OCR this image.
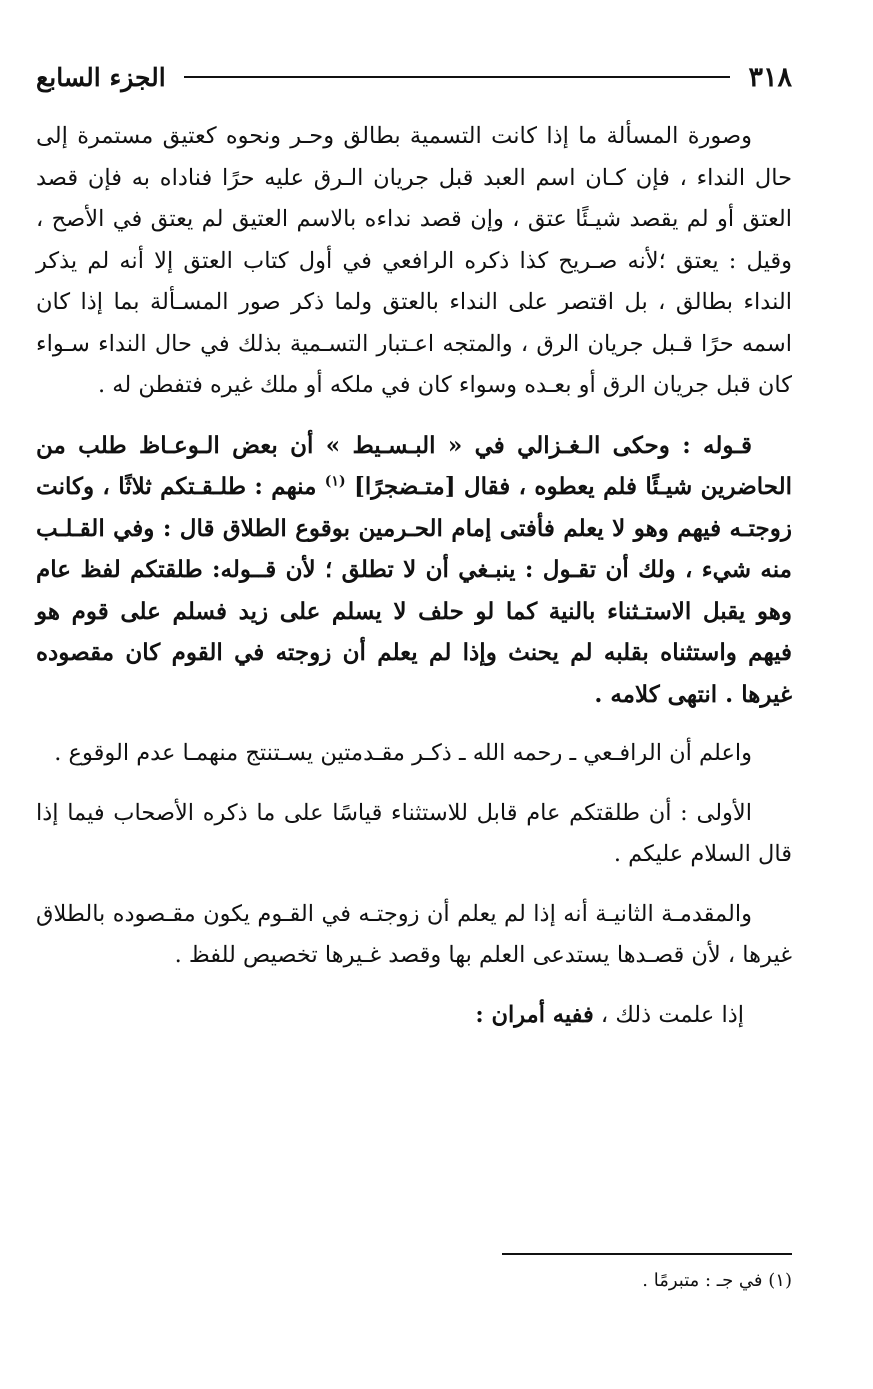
٣١٨
الجزء السابع

وصورة المسألة ما إذا كانت التسمية بطالق وحـر ونحوه كعتيق مستمرة إلى حال النداء ، فإن كـان اسم العبد قبل جريان الـرق عليه حرًا فناداه به فإن قصد العتق أو لم يقصد شيـئًا عتق ، وإن قصد نداءه بالاسم العتيق لم يعتق في الأصح ، وقيل : يعتق ؛لأنه صـريح كذا ذكره الرافعي في أول كتاب العتق إلا أنه لم يذكر النداء بطالق ، بل اقتصر على النداء بالعتق ولما ذكر صور المسـألة بما إذا كان اسمه حرًا قـبل جريان الرق ، والمتجه اعـتبار التسـمية بذلك في حال النداء سـواء كان قبل جريان الرق أو بعـده وسواء كان في ملكه أو ملك غيره فتفطن له .

قـوله : وحكى الـغـزالي في « البـسـيط » أن بعض الـوعـاظ طلب من الحاضرين شيـئًا فلم يعطوه ، فقال [متـضجرًا] $^{(١)}$ منهم : طلـقـتكم ثلاثًا ، وكانت زوجتـه فيهم وهو لا يعلم فأفتى إمام الحـرمين بوقوع الطلاق قال : وفي القـلـب منه شيء ، ولك أن تقـول : ينبـغي أن لا تطلق ؛ لأن قــوله: طلقتكم لفظ عام وهو يقبل الاستـثناء بالنية كما لو حلف لا يسلم على زيد فسلم على قوم هو فيهم واستثناه بقلبه لم يحنث وإذا لم يعلم أن زوجته في القوم كان مقصوده غيرها . انتهى كلامه .

واعلم أن الرافـعي ـ رحمه الله ـ ذكـر مقـدمتين يسـتنتج منهمـا عدم الوقوع .

الأولى : أن طلقتكم عام قابل للاستثناء قياسًا على ما ذكره الأصحاب فيما إذا قال السلام عليكم .

والمقدمـة الثانيـة أنه إذا لم يعلم أن زوجتـه في القـوم يكون مقـصوده بالطلاق غيرها ، لأن قصـدها يستدعى العلم بها وقصد غـيرها تخصيص للفظ .

إذا علمت ذلك ، ففيه أمران :

(١) في جـ : متبرمًا .
